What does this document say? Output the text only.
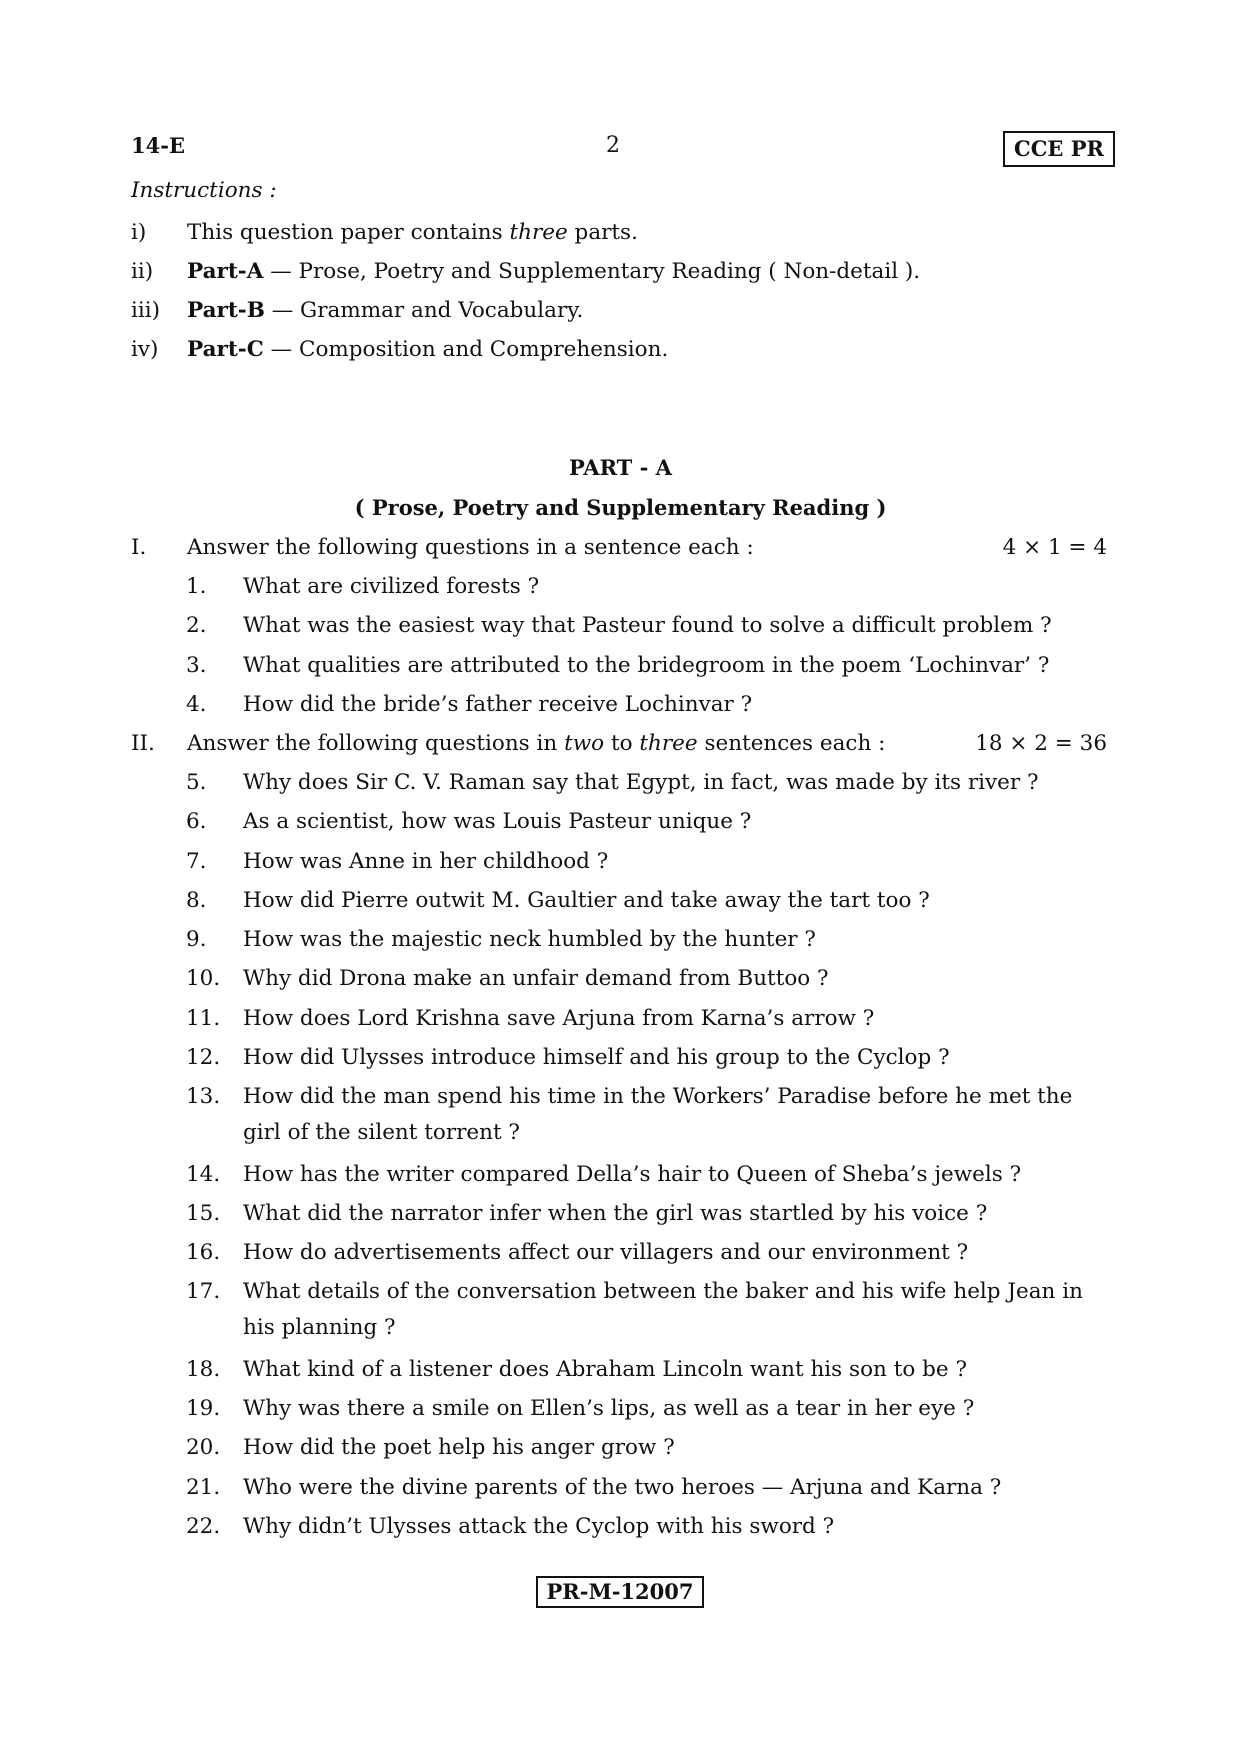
14-E	2	CCE PR
Instructions :
i) This question paper contains three parts.
ii) Part-A — Prose, Poetry and Supplementary Reading ( Non-detail ).
iii) Part-B — Grammar and Vocabulary.
iv) Part-C — Composition and Comprehension.
PART - A
( Prose, Poetry and Supplementary Reading )
I. Answer the following questions in a sentence each :	4 × 1 = 4
1. What are civilized forests ?
2. What was the easiest way that Pasteur found to solve a difficult problem ?
3. What qualities are attributed to the bridegroom in the poem ‘Lochinvar’ ?
4. How did the bride’s father receive Lochinvar ?
II. Answer the following questions in two to three sentences each :	18 × 2 = 36
5. Why does Sir C. V. Raman say that Egypt, in fact, was made by its river ?
6. As a scientist, how was Louis Pasteur unique ?
7. How was Anne in her childhood ?
8. How did Pierre outwit M. Gaultier and take away the tart too ?
9. How was the majestic neck humbled by the hunter ?
10. Why did Drona make an unfair demand from Buttoo ?
11. How does Lord Krishna save Arjuna from Karna’s arrow ?
12. How did Ulysses introduce himself and his group to the Cyclop ?
13. How did the man spend his time in the Workers’ Paradise before he met the girl of the silent torrent ?
14. How has the writer compared Della’s hair to Queen of Sheba’s jewels ?
15. What did the narrator infer when the girl was startled by his voice ?
16. How do advertisements affect our villagers and our environment ?
17. What details of the conversation between the baker and his wife help Jean in his planning ?
18. What kind of a listener does Abraham Lincoln want his son to be ?
19. Why was there a smile on Ellen’s lips, as well as a tear in her eye ?
20. How did the poet help his anger grow ?
21. Who were the divine parents of the two heroes — Arjuna and Karna ?
22. Why didn’t Ulysses attack the Cyclop with his sword ?
PR-M-12007
